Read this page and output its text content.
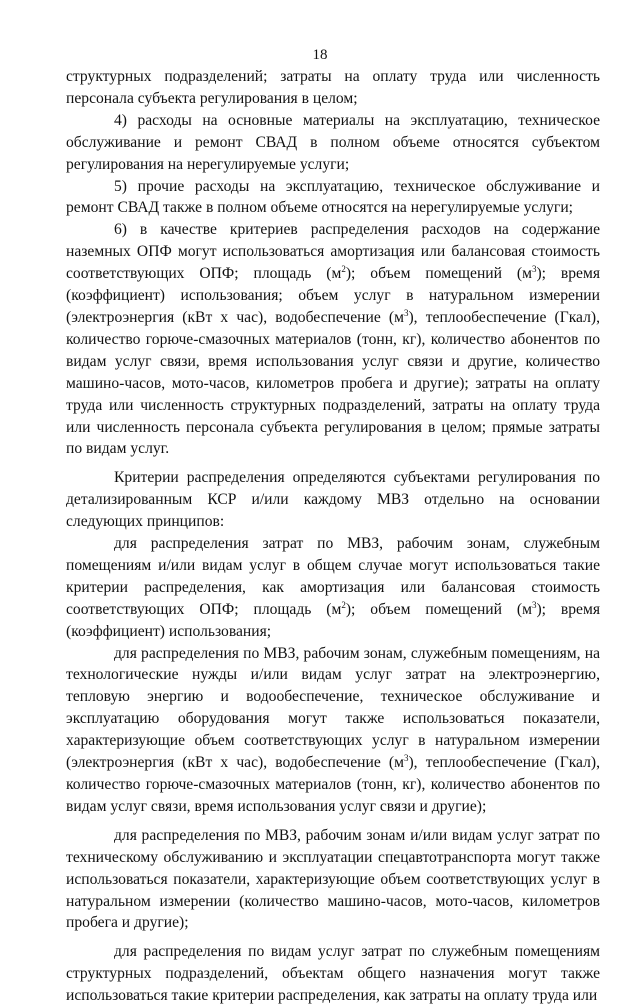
18

структурных подразделений; затраты на оплату труда или численность персонала субъекта регулирования в целом;

4) расходы на основные материалы на эксплуатацию, техническое обслуживание и ремонт СВАД в полном объеме относятся субъектом регулирования на нерегулируемые услуги;

5) прочие расходы на эксплуатацию, техническое обслуживание и ремонт СВАД также в полном объеме относятся на нерегулируемые услуги;

6) в качестве критериев распределения расходов на содержание наземных ОПФ могут использоваться амортизация или балансовая стоимость соответствующих ОПФ; площадь $(м^2)$; объем помещений $(м^3)$; время (коэффициент) использования; объем услуг в натуральном измерении (электроэнергия (кВт х час), водобеспечение $(м^3)$, теплообеспечение (Гкал), количество горюче-смазочных материалов (тонн, кг), количество абонентов по видам услуг связи, время использования услуг связи и другие, количество машино-часов, мото-часов, километров пробега и другие); затраты на оплату труда или численность структурных подразделений, затраты на оплату труда или численность персонала субъекта регулирования в целом; прямые затраты по видам услуг.

Критерии распределения определяются субъектами регулирования по детализированным КСР и/или каждому МВЗ отдельно на основании следующих принципов:

для распределения затрат по МВЗ, рабочим зонам, служебным помещениям и/или видам услуг в общем случае могут использоваться такие критерии распределения, как амортизация или балансовая стоимость соответствующих ОПФ; площадь $(м^2)$; объем помещений $(м^3)$; время (коэффициент) использования;

для распределения по МВЗ, рабочим зонам, служебным помещениям, на технологические нужды и/или видам услуг затрат на электроэнергию, тепловую энергию и водообеспечение, техническое обслуживание и эксплуатацию оборудования могут также использоваться показатели, характеризующие объем соответствующих услуг в натуральном измерении (электроэнергия (кВт х час), водобеспечение $(м^3)$, теплообеспечение (Гкал), количество горюче-смазочных материалов (тонн, кг), количество абонентов по видам услуг связи, время использования услуг связи и другие);

для распределения по МВЗ, рабочим зонам и/или видам услуг затрат по техническому обслуживанию и эксплуатации спецавтотранспорта могут также использоваться показатели, характеризующие объем соответствующих услуг в натуральном измерении (количество машино-часов, мото-часов, километров пробега и другие);

для распределения по видам услуг затрат по служебным помещениям структурных подразделений, объектам общего назначения могут также использоваться такие критерии распределения, как затраты на оплату труда или
